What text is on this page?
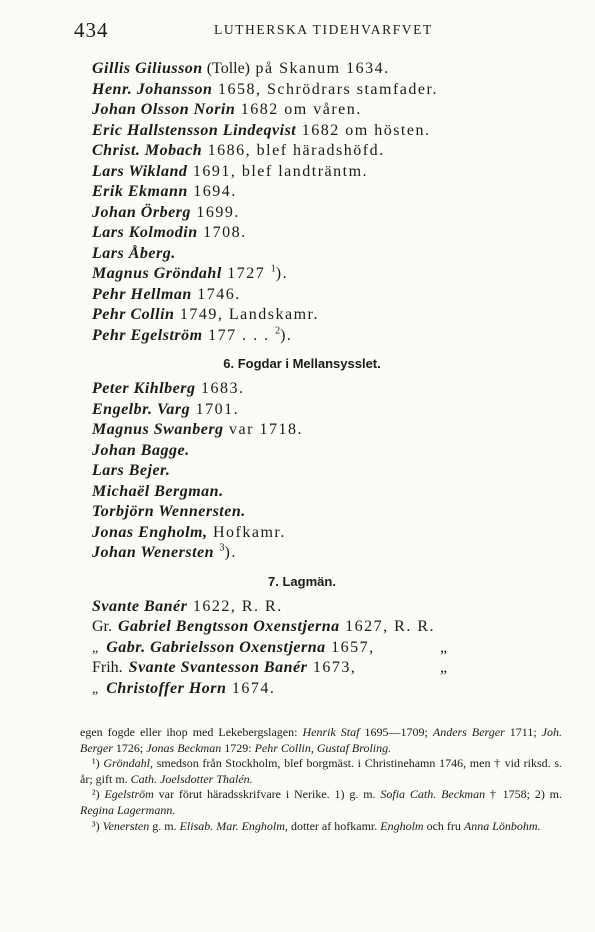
434	LUTHERSKA TIDEHVARFVET
Gillis Giliusson (Tolle) på Skanum 1634.
Henr. Johansson 1658, Schrödrars stamfader.
Johan Olsson Norin 1682 om våren.
Eric Hallstensson Lindeqvist 1682 om hösten.
Christ. Mobach 1686, blef häradshöfd.
Lars Wikland 1691, blef landträntm.
Erik Ekmann 1694.
Johan Örberg 1699.
Lars Kolmodin 1708.
Lars Åberg.
Magnus Gröndahl 1727 $^1$).
Pehr Hellman 1746.
Pehr Collin 1749, Landskamr.
Pehr Egelström 177 . . . $^2$).
6. Fogdar i Mellansysslet.
Peter Kihlberg 1683.
Engelbr. Varg 1701.
Magnus Swanberg var 1718.
Johan Bagge.
Lars Bejer.
Michaël Bergman.
Torbjörn Wennersten.
Jonas Engholm, Hofkamr.
Johan Wenersten $^3$).
7. Lagmän.
Svante Banér 1622, R. R.
Gr. Gabriel Bengtsson Oxenstjerna 1627, R. R.
„ Gabr. Gabrielsson Oxenstjerna 1657,	„
Frih. Svante Svantesson Banér 1673,	„
„ Christoffer Horn 1674.

egen fogde eller ihop med Lekebergslagen: Henrik Staf 1695—1709; Anders Berger 1711; Joh. Berger 1726; Jonas Beckman 1729: Pehr Collin, Gustaf Broling.

¹) Gröndahl, smedson från Stockholm, blef borgmäst. i Christinehamn 1746, men † vid riksd. s. år; gift m. Cath. Joelsdotter Thalén.

²) Egelström var förut häradsskrifvare i Nerike. 1) g. m. Sofia Cath. Beckman † 1758; 2) m. Regina Lagermann.

³) Venersten g. m. Elisab. Mar. Engholm, dotter af hofkamr. Engholm och fru Anna Lönbohm.
